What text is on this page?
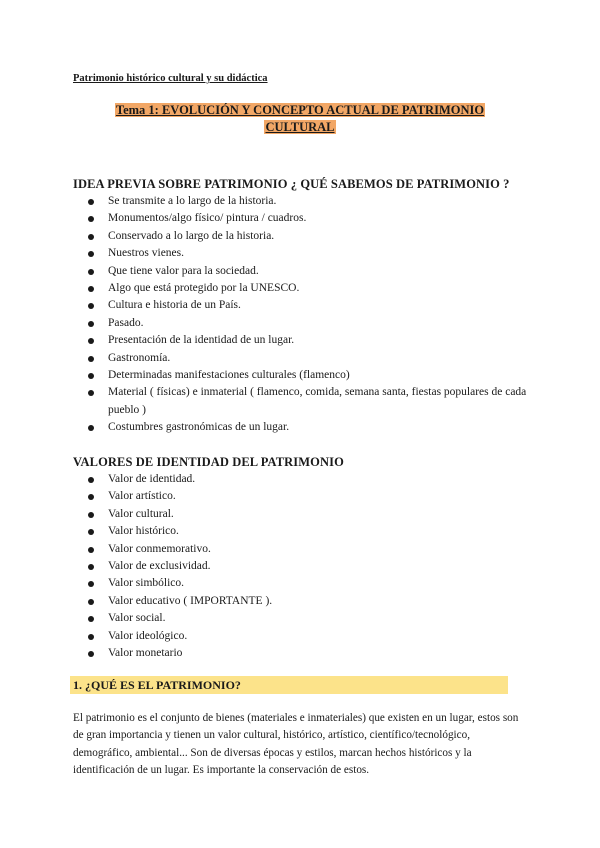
Patrimonio histórico cultural y su didáctica
Tema 1: EVOLUCIÓN Y CONCEPTO ACTUAL DE PATRIMONIO
CULTURAL
IDEA PREVIA SOBRE PATRIMONIO ¿ QUÉ SABEMOS DE PATRIMONIO ?
Se transmite a lo largo de la historia.
Monumentos/algo físico/ pintura / cuadros.
Conservado a lo largo de la historia.
Nuestros vienes.
Que tiene valor para la sociedad.
Algo que está protegido por la UNESCO.
Cultura e historia de un País.
Pasado.
Presentación de la identidad de un lugar.
Gastronomía.
Determinadas manifestaciones culturales (flamenco)
Material ( físicas) e inmaterial ( flamenco, comida, semana santa, fiestas populares de cada pueblo )
Costumbres gastronómicas de un lugar.
VALORES DE IDENTIDAD DEL PATRIMONIO
Valor de identidad.
Valor artístico.
Valor cultural.
Valor histórico.
Valor conmemorativo.
Valor de exclusividad.
Valor simbólico.
Valor educativo ( IMPORTANTE ).
Valor social.
Valor ideológico.
Valor monetario
1. ¿QUÉ ES EL PATRIMONIO?
El patrimonio es el conjunto de bienes (materiales e inmateriales) que existen en un lugar, estos son de gran importancia y tienen un valor cultural, histórico, artístico, científico/tecnológico, demográfico, ambiental... Son de diversas épocas y estilos, marcan hechos históricos y la identificación de un lugar. Es importante la conservación de estos.
